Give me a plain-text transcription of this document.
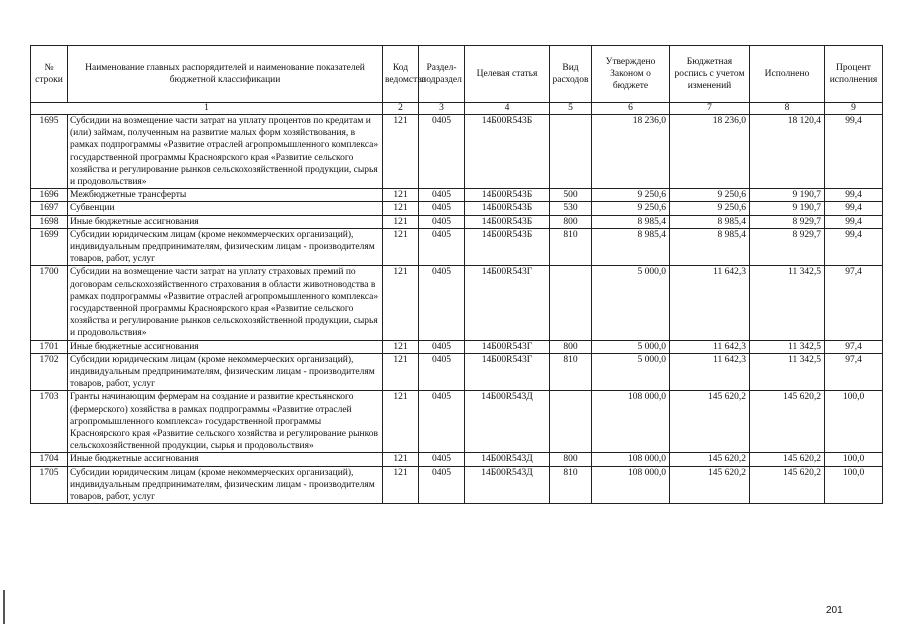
№ строки	Наименование главных распорядителей и наименование показателей бюджетной классификации	Код ведомства	Раздел-подраздел	Целевая статья	Вид расходов	Утверждено Законом о бюджете	Бюджетная роспись с учетом изменений	Исполнено	Процент исполнения
1		2	3	4	5	6	7	8	9
1695	Субсидии на возмещение части затрат на уплату процентов по кредитам и (или) займам, полученным на развитие малых форм хозяйствования, в рамках подпрограммы «Развитие отраслей агропромышленного комплекса» государственной программы Красноярского края «Развитие сельского хозяйства и регулирование рынков сельскохозяйственной продукции, сырья и продовольствия»	121	0405	14Б00R543Б		18 236,0	18 236,0	18 120,4	99,4
1696	Межбюджетные трансферты	121	0405	14Б00R543Б	500	9 250,6	9 250,6	9 190,7	99,4
1697	Субвенции	121	0405	14Б00R543Б	530	9 250,6	9 250,6	9 190,7	99,4
1698	Иные бюджетные ассигнования	121	0405	14Б00R543Б	800	8 985,4	8 985,4	8 929,7	99,4
1699	Субсидии юридическим лицам (кроме некоммерческих организаций), индивидуальным предпринимателям, физическим лицам - производителям товаров, работ, услуг	121	0405	14Б00R543Б	810	8 985,4	8 985,4	8 929,7	99,4
1700	Субсидии на возмещение части затрат на уплату страховых премий по договорам сельскохозяйственного страхования в области животноводства в рамках подпрограммы «Развитие отраслей агропромышленного комплекса» государственной программы Красноярского края «Развитие сельского хозяйства и регулирование рынков сельскохозяйственной продукции, сырья и продовольствия»	121	0405	14Б00R543Г		5 000,0	11 642,3	11 342,5	97,4
1701	Иные бюджетные ассигнования	121	0405	14Б00R543Г	800	5 000,0	11 642,3	11 342,5	97,4
1702	Субсидии юридическим лицам (кроме некоммерческих организаций), индивидуальным предпринимателям, физическим лицам - производителям товаров, работ, услуг	121	0405	14Б00R543Г	810	5 000,0	11 642,3	11 342,5	97,4
1703	Гранты начинающим фермерам на создание и развитие крестьянского (фермерского) хозяйства в рамках подпрограммы «Развитие отраслей агропромышленного комплекса» государственной программы Красноярского края «Развитие сельского хозяйства и регулирование рынков сельскохозяйственной продукции, сырья и продовольствия»	121	0405	14Б00R543Д		108 000,0	145 620,2	145 620,2	100,0
1704	Иные бюджетные ассигнования	121	0405	14Б00R543Д	800	108 000,0	145 620,2	145 620,2	100,0
1705	Субсидии юридическим лицам (кроме некоммерческих организаций), индивидуальным предпринимателям, физическим лицам - производителям товаров, работ, услуг	121	0405	14Б00R543Д	810	108 000,0	145 620,2	145 620,2	100,0
201
